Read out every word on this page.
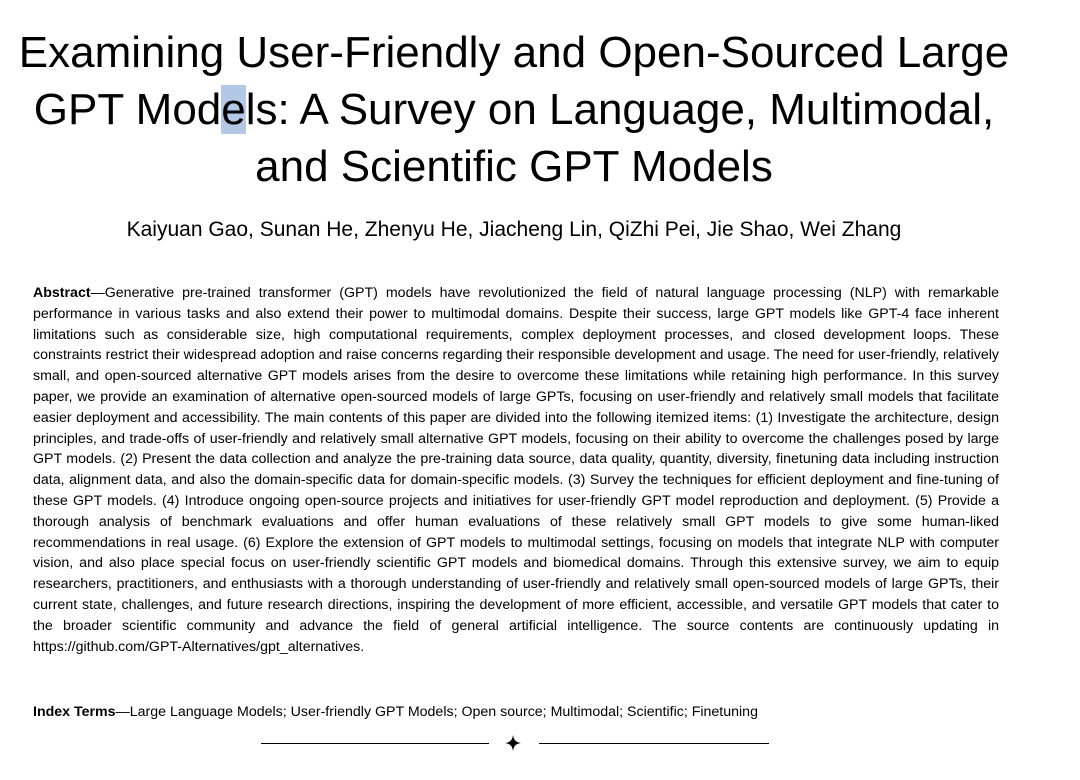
Examining User-Friendly and Open-Sourced Large GPT Models: A Survey on Language, Multimodal, and Scientific GPT Models
Kaiyuan Gao, Sunan He, Zhenyu He, Jiacheng Lin, QiZhi Pei, Jie Shao, Wei Zhang

Abstract—Generative pre-trained transformer (GPT) models have revolutionized the field of natural language processing (NLP) with remarkable performance in various tasks and also extend their power to multimodal domains. Despite their success, large GPT models like GPT-4 face inherent limitations such as considerable size, high computational requirements, complex deployment processes, and closed development loops. These constraints restrict their widespread adoption and raise concerns regarding their responsible development and usage. The need for user-friendly, relatively small, and open-sourced alternative GPT models arises from the desire to overcome these limitations while retaining high performance. In this survey paper, we provide an examination of alternative open-sourced models of large GPTs, focusing on user-friendly and relatively small models that facilitate easier deployment and accessibility. The main contents of this paper are divided into the following itemized items: (1) Investigate the architecture, design principles, and trade-offs of user-friendly and relatively small alternative GPT models, focusing on their ability to overcome the challenges posed by large GPT models. (2) Present the data collection and analyze the pre-training data source, data quality, quantity, diversity, finetuning data including instruction data, alignment data, and also the domain-specific data for domain-specific models. (3) Survey the techniques for efficient deployment and fine-tuning of these GPT models. (4) Introduce ongoing open-source projects and initiatives for user-friendly GPT model reproduction and deployment. (5) Provide a thorough analysis of benchmark evaluations and offer human evaluations of these relatively small GPT models to give some human-liked recommendations in real usage. (6) Explore the extension of GPT models to multimodal settings, focusing on models that integrate NLP with computer vision, and also place special focus on user-friendly scientific GPT models and biomedical domains. Through this extensive survey, we aim to equip researchers, practitioners, and enthusiasts with a thorough understanding of user-friendly and relatively small open-sourced models of large GPTs, their current state, challenges, and future research directions, inspiring the development of more efficient, accessible, and versatile GPT models that cater to the broader scientific community and advance the field of general artificial intelligence. The source contents are continuously updating in https://github.com/GPT-Alternatives/gpt_alternatives.

Index Terms—Large Language Models; User-friendly GPT Models; Open source; Multimodal; Scientific; Finetuning
